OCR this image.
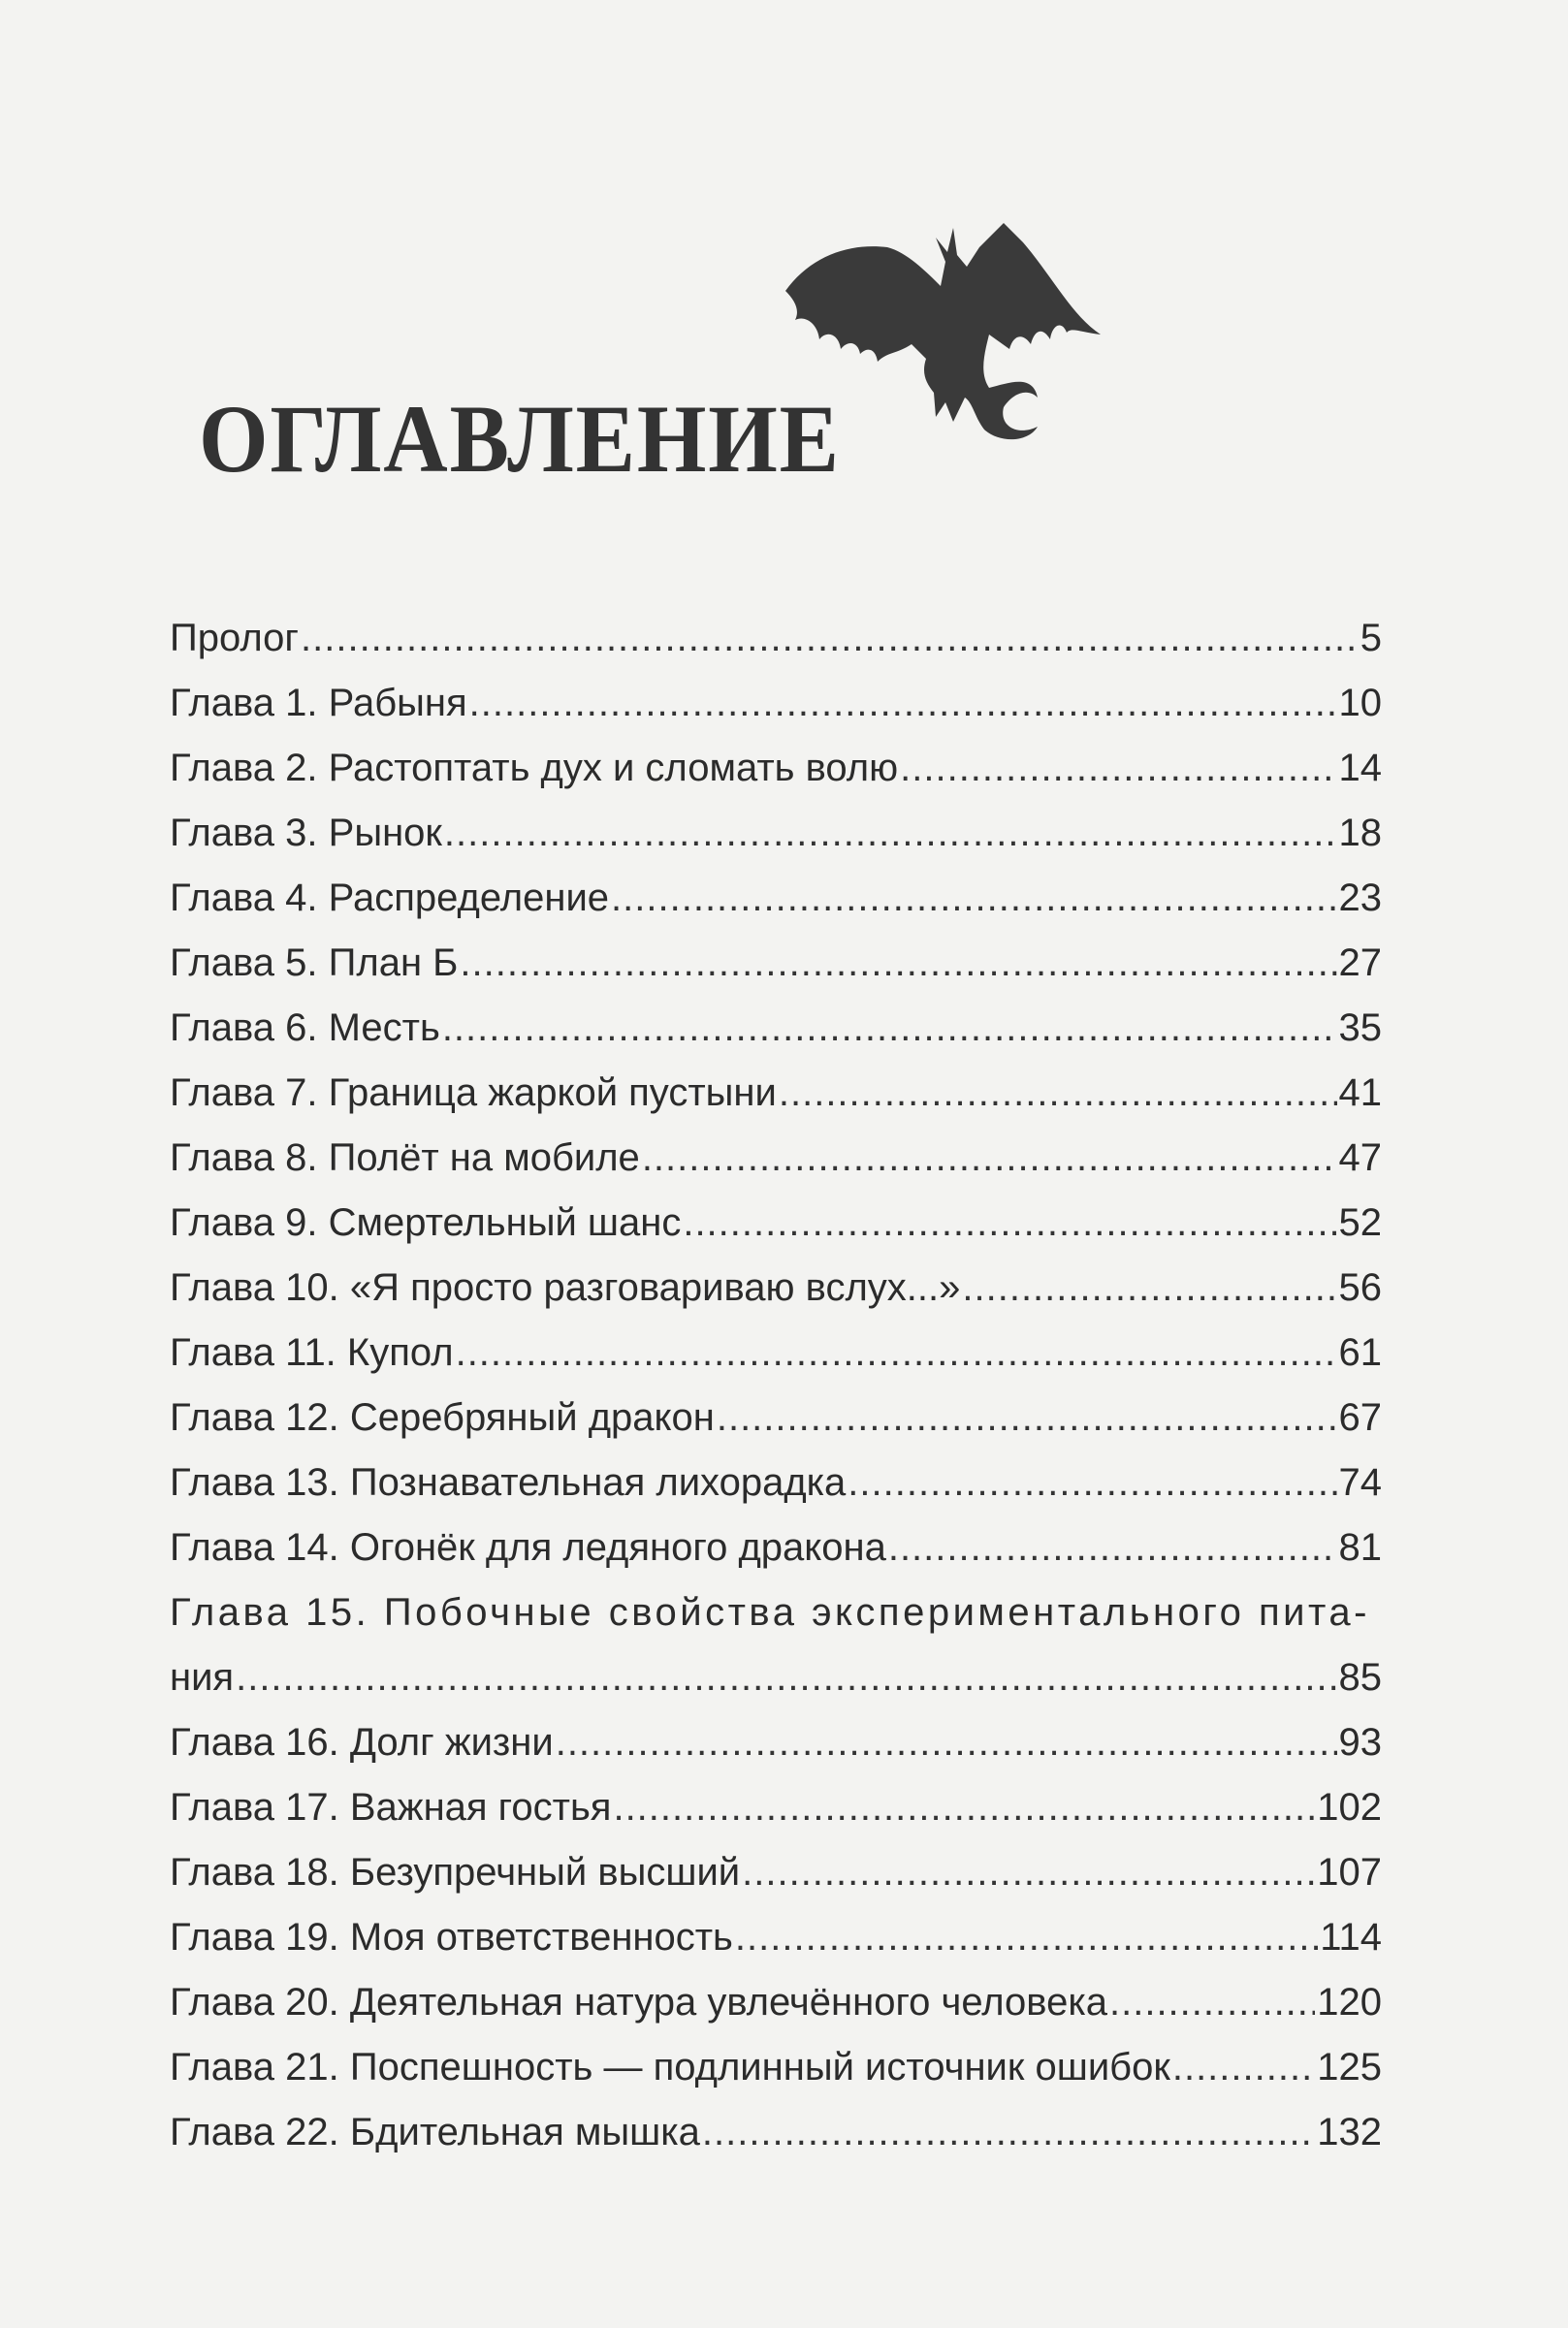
ОГЛАВЛЕНИЕ
Пролог .....	5
Глава 1. Рабыня .....	10
Глава 2. Растоптать дух и сломать волю .....	14
Глава 3. Рынок .....	18
Глава 4. Распределение .....	23
Глава 5. План Б .....	27
Глава 6. Месть .....	35
Глава 7. Граница жаркой пустыни .....	41
Глава 8. Полёт на мобиле .....	47
Глава 9. Смертельный шанс .....	52
Глава 10. «Я просто разговариваю вслух...» .....	56
Глава 11. Купол .....	61
Глава 12. Серебряный дракон .....	67
Глава 13. Познавательная лихорадка .....	74
Глава 14. Огонёк для ледяного дракона .....	81
Глава 15. Побочные свойства экспериментального пита-
ния .....	85
Глава 16. Долг жизни .....	93
Глава 17. Важная гостья .....	102
Глава 18. Безупречный высший .....	107
Глава 19. Моя ответственность .....	114
Глава 20. Деятельная натура увлечённого человека .....	120
Глава 21. Поспешность — подлинный источник ошибок .....	125
Глава 22. Бдительная мышка .....	132
